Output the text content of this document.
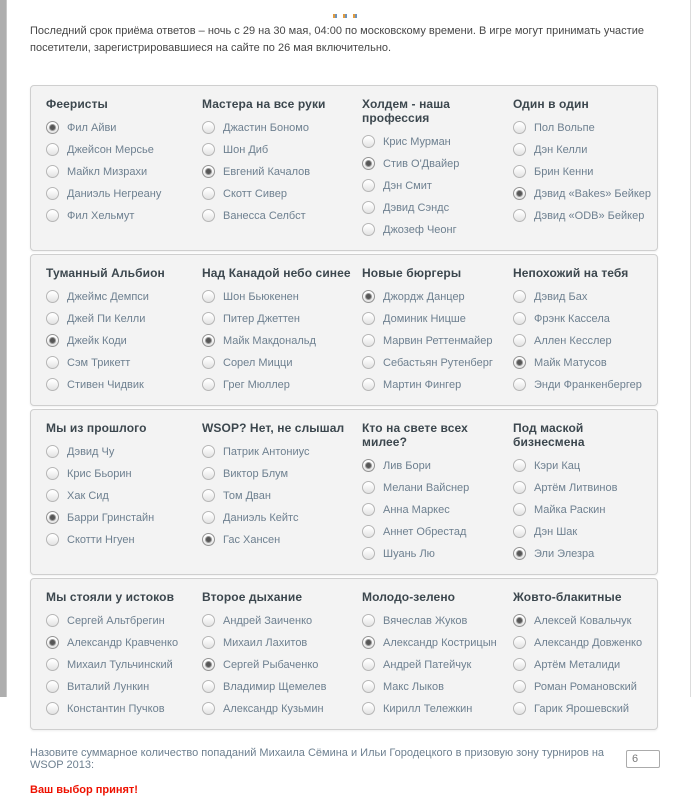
Последний срок приёма ответов – ночь с 29 на 30 мая, 04:00 по московскому времени. В игре могут принимать участие посетители, зарегистрировавшиеся на сайте по 26 мая включительно.

Фееристы
Фил Айви
Джейсон Мерсье
Майкл Мизрахи
Даниэль Негреану
Фил Хельмут
Мастера на все руки
Джастин Бономо
Шон Диб
Евгений Качалов
Скотт Сивер
Ванесса Селбст
Холдем - наша профессия
Крис Мурман
Стив О'Двайер
Дэн Смит
Дэвид Сэндс
Джозеф Чеонг
Один в один
Пол Вольпе
Дэн Келли
Брин Кенни
Дэвид «Bakes» Бейкер
Дэвид «ODB» Бейкер
Туманный Альбион
Джеймс Демпси
Джей Пи Келли
Джейк Коди
Сэм Трикетт
Стивен Чидвик
Над Канадой небо синее
Шон Бьюкенен
Питер Джеттен
Майк Макдональд
Сорел Мицци
Грег Мюллер
Новые бюргеры
Джордж Данцер
Доминик Ницше
Марвин Реттенмайер
Себастьян Рутенберг
Мартин Фингер
Непохожий на тебя
Дэвид Бах
Фрэнк Кассела
Аллен Кесслер
Майк Матусов
Энди Франкенбергер
Мы из прошлого
Дэвид Чу
Крис Бьорин
Хак Сид
Барри Гринстайн
Скотти Нгуен
WSOP? Нет, не слышал
Патрик Антониус
Виктор Блум
Том Дван
Даниэль Кейтс
Гас Хансен
Кто на свете всех милее?
Лив Бори
Мелани Вайснер
Анна Маркес
Аннет Обрестад
Шуань Лю
Под маской бизнесмена
Кэри Кац
Артём Литвинов
Майка Раскин
Дэн Шак
Эли Элезра
Мы стояли у истоков
Сергей Альтбрегин
Александр Кравченко
Михаил Тульчинский
Виталий Лункин
Константин Пучков
Второе дыхание
Андрей Заиченко
Михаил Лахитов
Сергей Рыбаченко
Владимир Щемелев
Александр Кузьмин
Молодо-зелено
Вячеслав Жуков
Александр Кострицын
Андрей Патейчук
Макс Лыков
Кирилл Тележкин
Жовто-блакитные
Алексей Ковальчук
Александр Довженко
Артём Металиди
Роман Романовский
Гарик Ярошевский
Назовите суммарное количество попаданий Михаила Сёмина и Ильи Городецкого в призовую зону турниров на WSOP 2013:
6
Ваш выбор принят!
